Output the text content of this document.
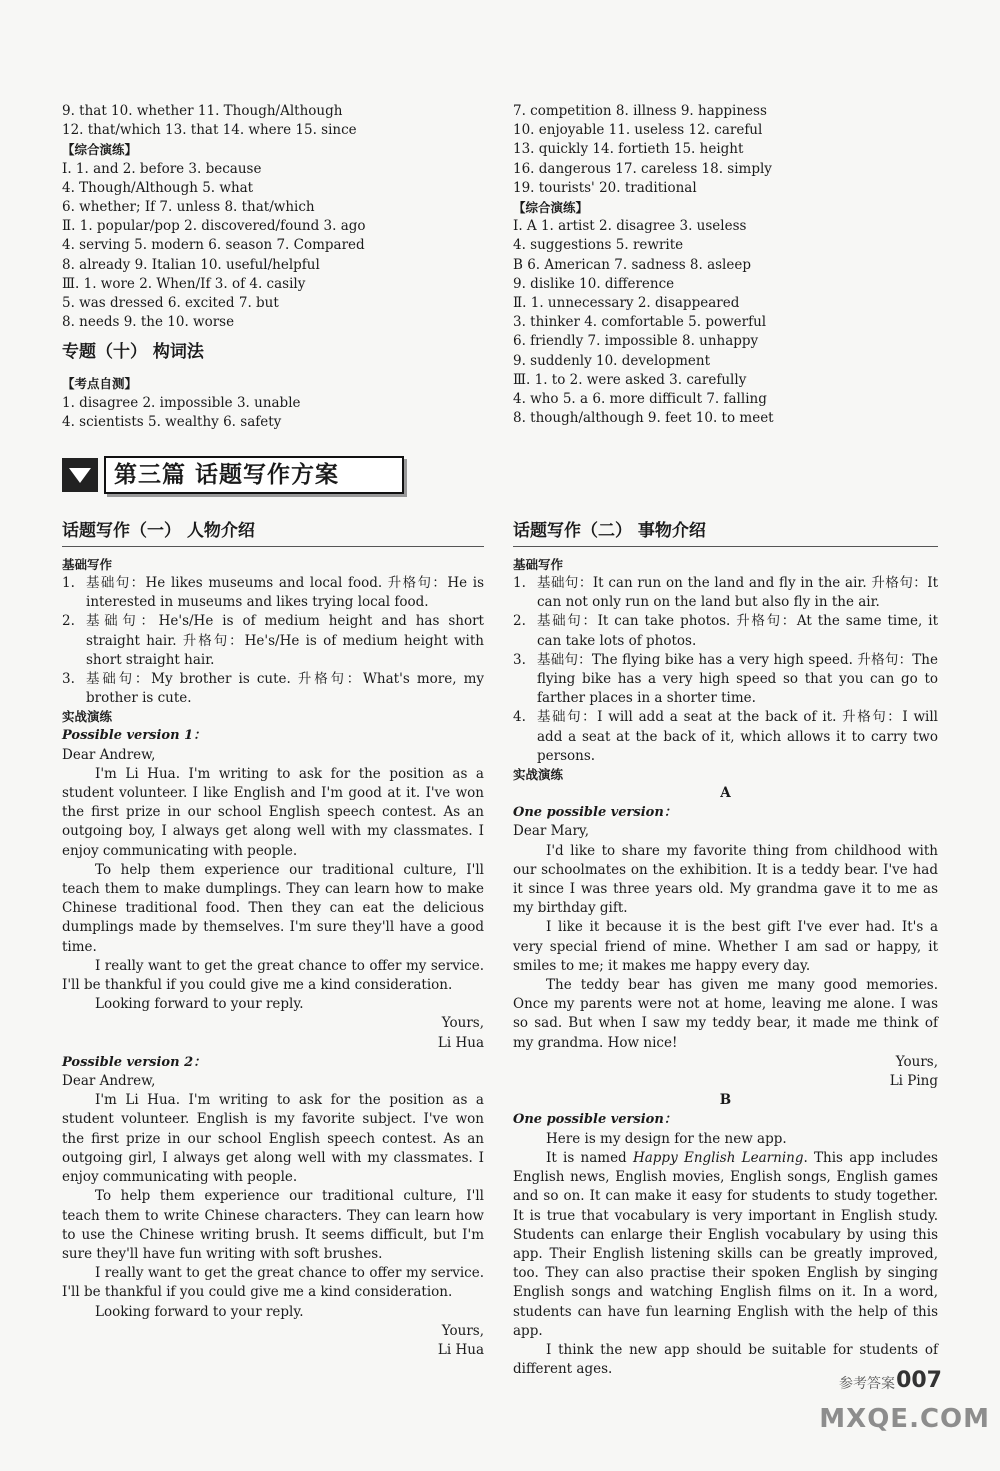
9. that 10. whether 11. Though/Although
12. that/which 13. that 14. where 15. since
【综合演练】
Ⅰ. 1. and 2. before 3. because
4. Though/Although 5. what
6. whether; If 7. unless 8. that/which
Ⅱ. 1. popular/pop 2. discovered/found 3. ago
4. serving 5. modern 6. season 7. Compared
8. already 9. Italian 10. useful/helpful
Ⅲ. 1. wore 2. When/If 3. of 4. casily
5. was dressed 6. excited 7. but
8. needs 9. the 10. worse
专题（十） 构词法
【考点自测】
1. disagree 2. impossible 3. unable
4. scientists 5. wealthy 6. safety
7. competition 8. illness 9. happiness
10. enjoyable 11. useless 12. careful
13. quickly 14. fortieth 15. height
16. dangerous 17. careless 18. simply
19. tourists' 20. traditional
【综合演练】
Ⅰ. A 1. artist 2. disagree 3. useless
4. suggestions 5. rewrite
B 6. American 7. sadness 8. asleep
9. dislike 10. difference
Ⅱ. 1. unnecessary 2. disappeared
3. thinker 4. comfortable 5. powerful
6. friendly 7. impossible 8. unhappy
9. suddenly 10. development
Ⅲ. 1. to 2. were asked 3. carefully
4. who 5. a 6. more difficult 7. falling
8. though/although 9. feet 10. to meet
第三篇 话题写作方案
话题写作（一） 人物介绍
基础写作
1. 基础句：He likes museums and local food. 升格句：He is interested in museums and likes trying local food.
2. 基础句：He's/He is of medium height and has short straight hair. 升格句：He's/He is of medium height with short straight hair.
3. 基础句：My brother is cute. 升格句：What's more, my brother is cute.
实战演练
Possible version 1：
Dear Andrew,
I'm Li Hua. I'm writing to ask for the position as a student volunteer. I like English and I'm good at it. I've won the first prize in our school English speech contest. As an outgoing boy, I always get along well with my classmates. I enjoy communicating with people.
To help them experience our traditional culture, I'll teach them to make dumplings. They can learn how to make Chinese traditional food. Then they can eat the delicious dumplings made by themselves. I'm sure they'll have a good time.
I really want to get the great chance to offer my service. I'll be thankful if you could give me a kind consideration.
Looking forward to your reply.
Yours,
Li Hua
Possible version 2：
Dear Andrew,
I'm Li Hua. I'm writing to ask for the position as a student volunteer. English is my favorite subject. I've won the first prize in our school English speech contest. As an outgoing girl, I always get along well with my classmates. I enjoy communicating with people.
To help them experience our traditional culture, I'll teach them to write Chinese characters. They can learn how to use the Chinese writing brush. It seems difficult, but I'm sure they'll have fun writing with soft brushes.
I really want to get the great chance to offer my service. I'll be thankful if you could give me a kind consideration.
Looking forward to your reply.
Yours,
Li Hua
话题写作（二） 事物介绍
基础写作
1. 基础句：It can run on the land and fly in the air. 升格句：It can not only run on the land but also fly in the air.
2. 基础句：It can take photos. 升格句：At the same time, it can take lots of photos.
3. 基础句：The flying bike has a very high speed. 升格句：The flying bike has a very high speed so that you can go to farther places in a shorter time.
4. 基础句：I will add a seat at the back of it. 升格句：I will add a seat at the back of it, which allows it to carry two persons.
实战演练
A
One possible version：
Dear Mary,
I'd like to share my favorite thing from childhood with our schoolmates on the exhibition. It is a teddy bear. I've had it since I was three years old. My grandma gave it to me as my birthday gift.
I like it because it is the best gift I've ever had. It's a very special friend of mine. Whether I am sad or happy, it smiles to me; it makes me happy every day.
The teddy bear has given me many good memories. Once my parents were not at home, leaving me alone. I was so sad. But when I saw my teddy bear, it made me think of my grandma. How nice!
Yours,
Li Ping
B
One possible version：
Here is my design for the new app.
It is named Happy English Learning. This app includes English news, English movies, English songs, English games and so on. It can make it easy for students to study together. It is true that vocabulary is very important in English study. Students can enlarge their English vocabulary by using this app. Their English listening skills can be greatly improved, too. They can also practise their spoken English by singing English songs and watching English films on it. In a word, students can have fun learning English with the help of this app.
I think the new app should be suitable for students of different ages.
参考答案 007
MXQE.COM
